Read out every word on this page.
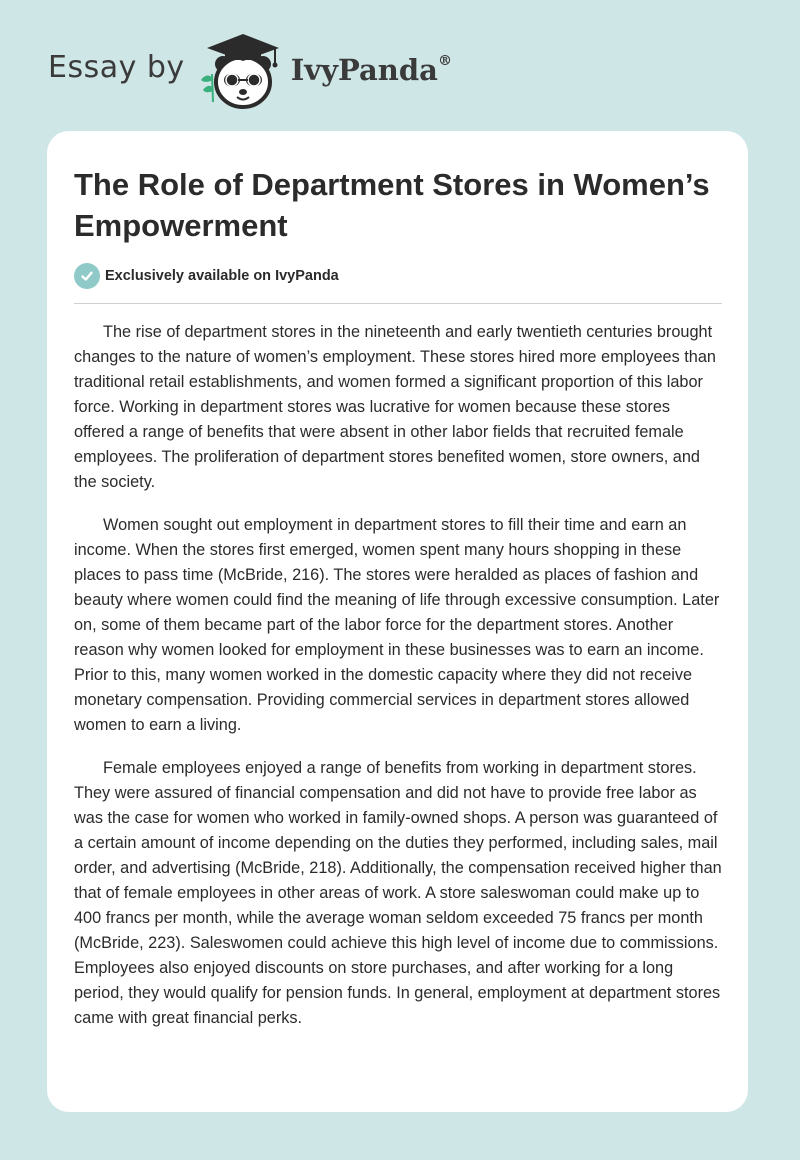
Essay by	IvyPanda®
The Role of Department Stores in Women’s Empowerment
Exclusively available on IvyPanda

The rise of department stores in the nineteenth and early twentieth centuries brought changes to the nature of women’s employment. These stores hired more employees than traditional retail establishments, and women formed a significant proportion of this labor force. Working in department stores was lucrative for women because these stores offered a range of benefits that were absent in other labor fields that recruited female employees. The proliferation of department stores benefited women, store owners, and the society.

Women sought out employment in department stores to fill their time and earn an income. When the stores first emerged, women spent many hours shopping in these places to pass time (McBride, 216). The stores were heralded as places of fashion and beauty where women could find the meaning of life through excessive consumption. Later on, some of them became part of the labor force for the department stores. Another reason why women looked for employment in these businesses was to earn an income. Prior to this, many women worked in the domestic capacity where they did not receive monetary compensation. Providing commercial services in department stores allowed women to earn a living.

Female employees enjoyed a range of benefits from working in department stores. They were assured of financial compensation and did not have to provide free labor as was the case for women who worked in family-owned shops. A person was guaranteed of a certain amount of income depending on the duties they performed, including sales, mail order, and advertising (McBride, 218). Additionally, the compensation received higher than that of female employees in other areas of work. A store saleswoman could make up to 400 francs per month, while the average woman seldom exceeded 75 francs per month (McBride, 223). Saleswomen could achieve this high level of income due to commissions. Employees also enjoyed discounts on store purchases, and after working for a long period, they would qualify for pension funds. In general, employment at department stores came with great financial perks.
